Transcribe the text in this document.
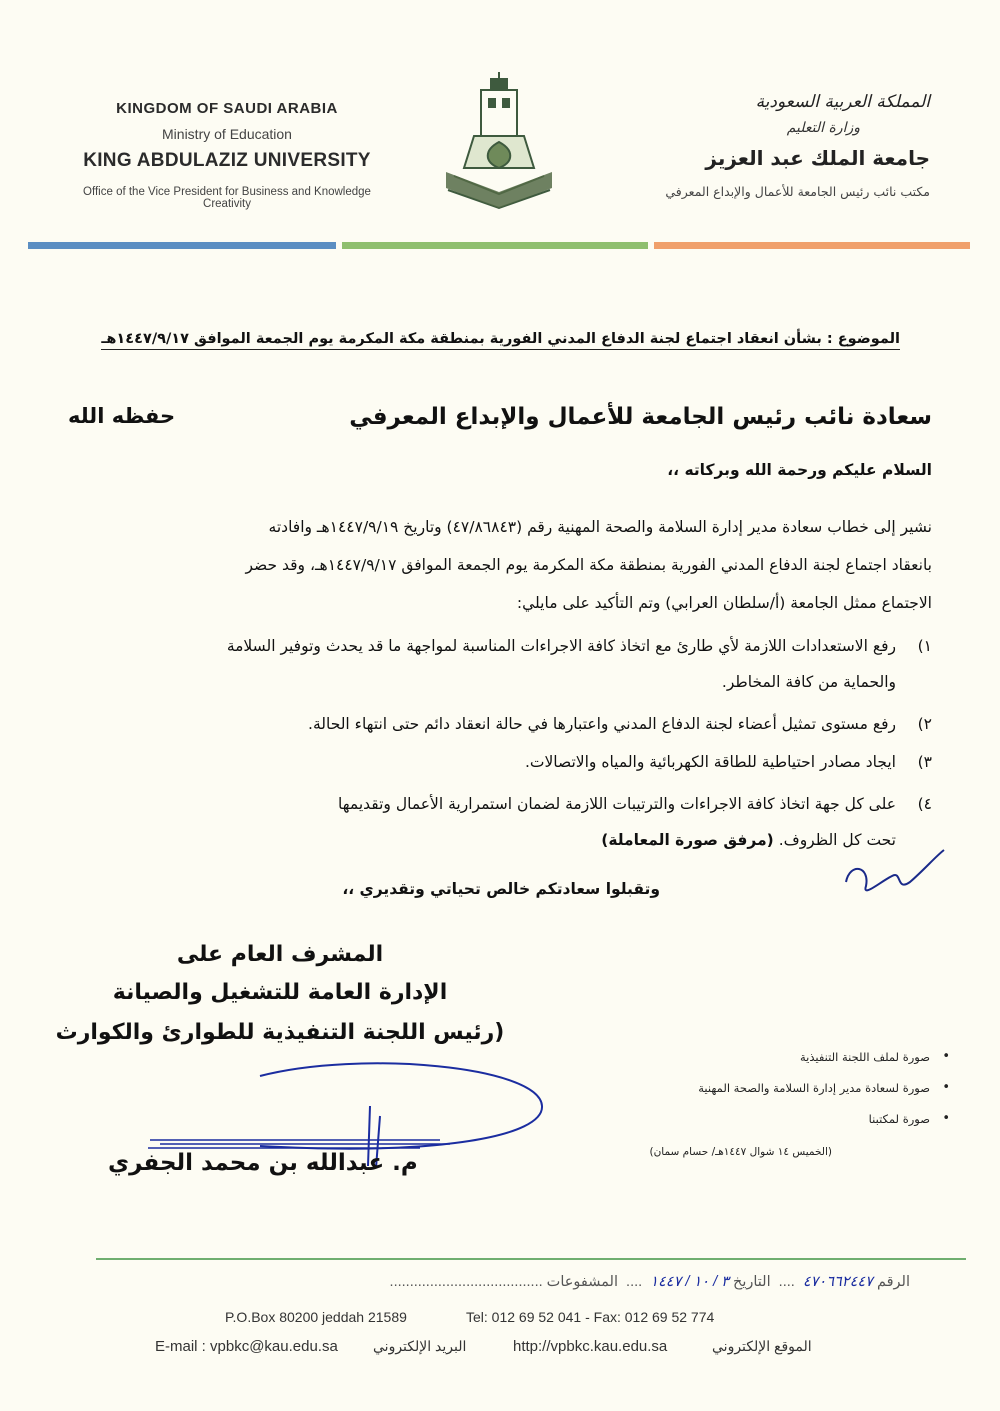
KINGDOM OF SAUDI ARABIA
Ministry of Education
KING ABDULAZIZ UNIVERSITY
Office of the Vice President for Business and Knowledge Creativity
المملكة العربية السعودية
وزارة التعليم
جامعة الملك عبد العزيز
مكتب نائب رئيس الجامعة للأعمال والإبداع المعرفي
الموضوع : بشأن انعقاد اجتماع لجنة الدفاع المدني الفورية بمنطقة مكة المكرمة يوم الجمعة الموافق ١٤٤٧/٩/١٧هـ
سعادة نائب رئيس الجامعة للأعمال والإبداع المعرفي
حفظه الله
السلام عليكم ورحمة الله وبركاته ،،
نشير إلى خطاب سعادة مدير إدارة السلامة والصحة المهنية رقم (٤٧/٨٦٨٤٣) وتاريخ ١٤٤٧/٩/١٩هـ وافادته
بانعقاد اجتماع لجنة الدفاع المدني الفورية بمنطقة مكة المكرمة يوم الجمعة الموافق ١٤٤٧/٩/١٧هـ، وقد حضر
الاجتماع ممثل الجامعة (أ/سلطان العرابي) وتم التأكيد على مايلي:
١)
رفع الاستعدادات اللازمة لأي طارئ مع اتخاذ كافة الاجراءات المناسبة لمواجهة ما قد يحدث وتوفير السلامة
والحماية من كافة المخاطر.
٢)
رفع مستوى تمثيل أعضاء لجنة الدفاع المدني واعتبارها في حالة انعقاد دائم حتى انتهاء الحالة.
٣)
ايجاد مصادر احتياطية للطاقة الكهربائية والمياه والاتصالات.
٤)
على كل جهة اتخاذ كافة الاجراءات والترتيبات اللازمة لضمان استمرارية الأعمال وتقديمها
تحت كل الظروف. (مرفق صورة المعاملة)
وتقبلوا سعادتكم خالص تحياتي وتقديري ،،
المشرف العام على
الإدارة العامة للتشغيل والصيانة
(رئيس اللجنة التنفيذية للطوارئ والكوارث
م. عبدالله بن محمد الجفري
صورة لملف اللجنة التنفيذية •
صورة لسعادة مدير إدارة السلامة والصحة المهنية •
صورة لمكتبنا •
(الخميس ١٤ شوال ١٤٤٧هـ/ حسام سمان)
الرقم ٤٧٠٦٦٢٤٤٧  ....  التاريخ ٣ / ١٠ / ١٤٤٧  ....  المشفوعات ......................................
P.O.Box 80200 jeddah 21589	Tel: 012 69 52 041 - Fax: 012 69 52 774
E-mail : vpbkc@kau.edu.sa	البريد الإلكتروني	http://vpbkc.kau.edu.sa	الموقع الإلكتروني
